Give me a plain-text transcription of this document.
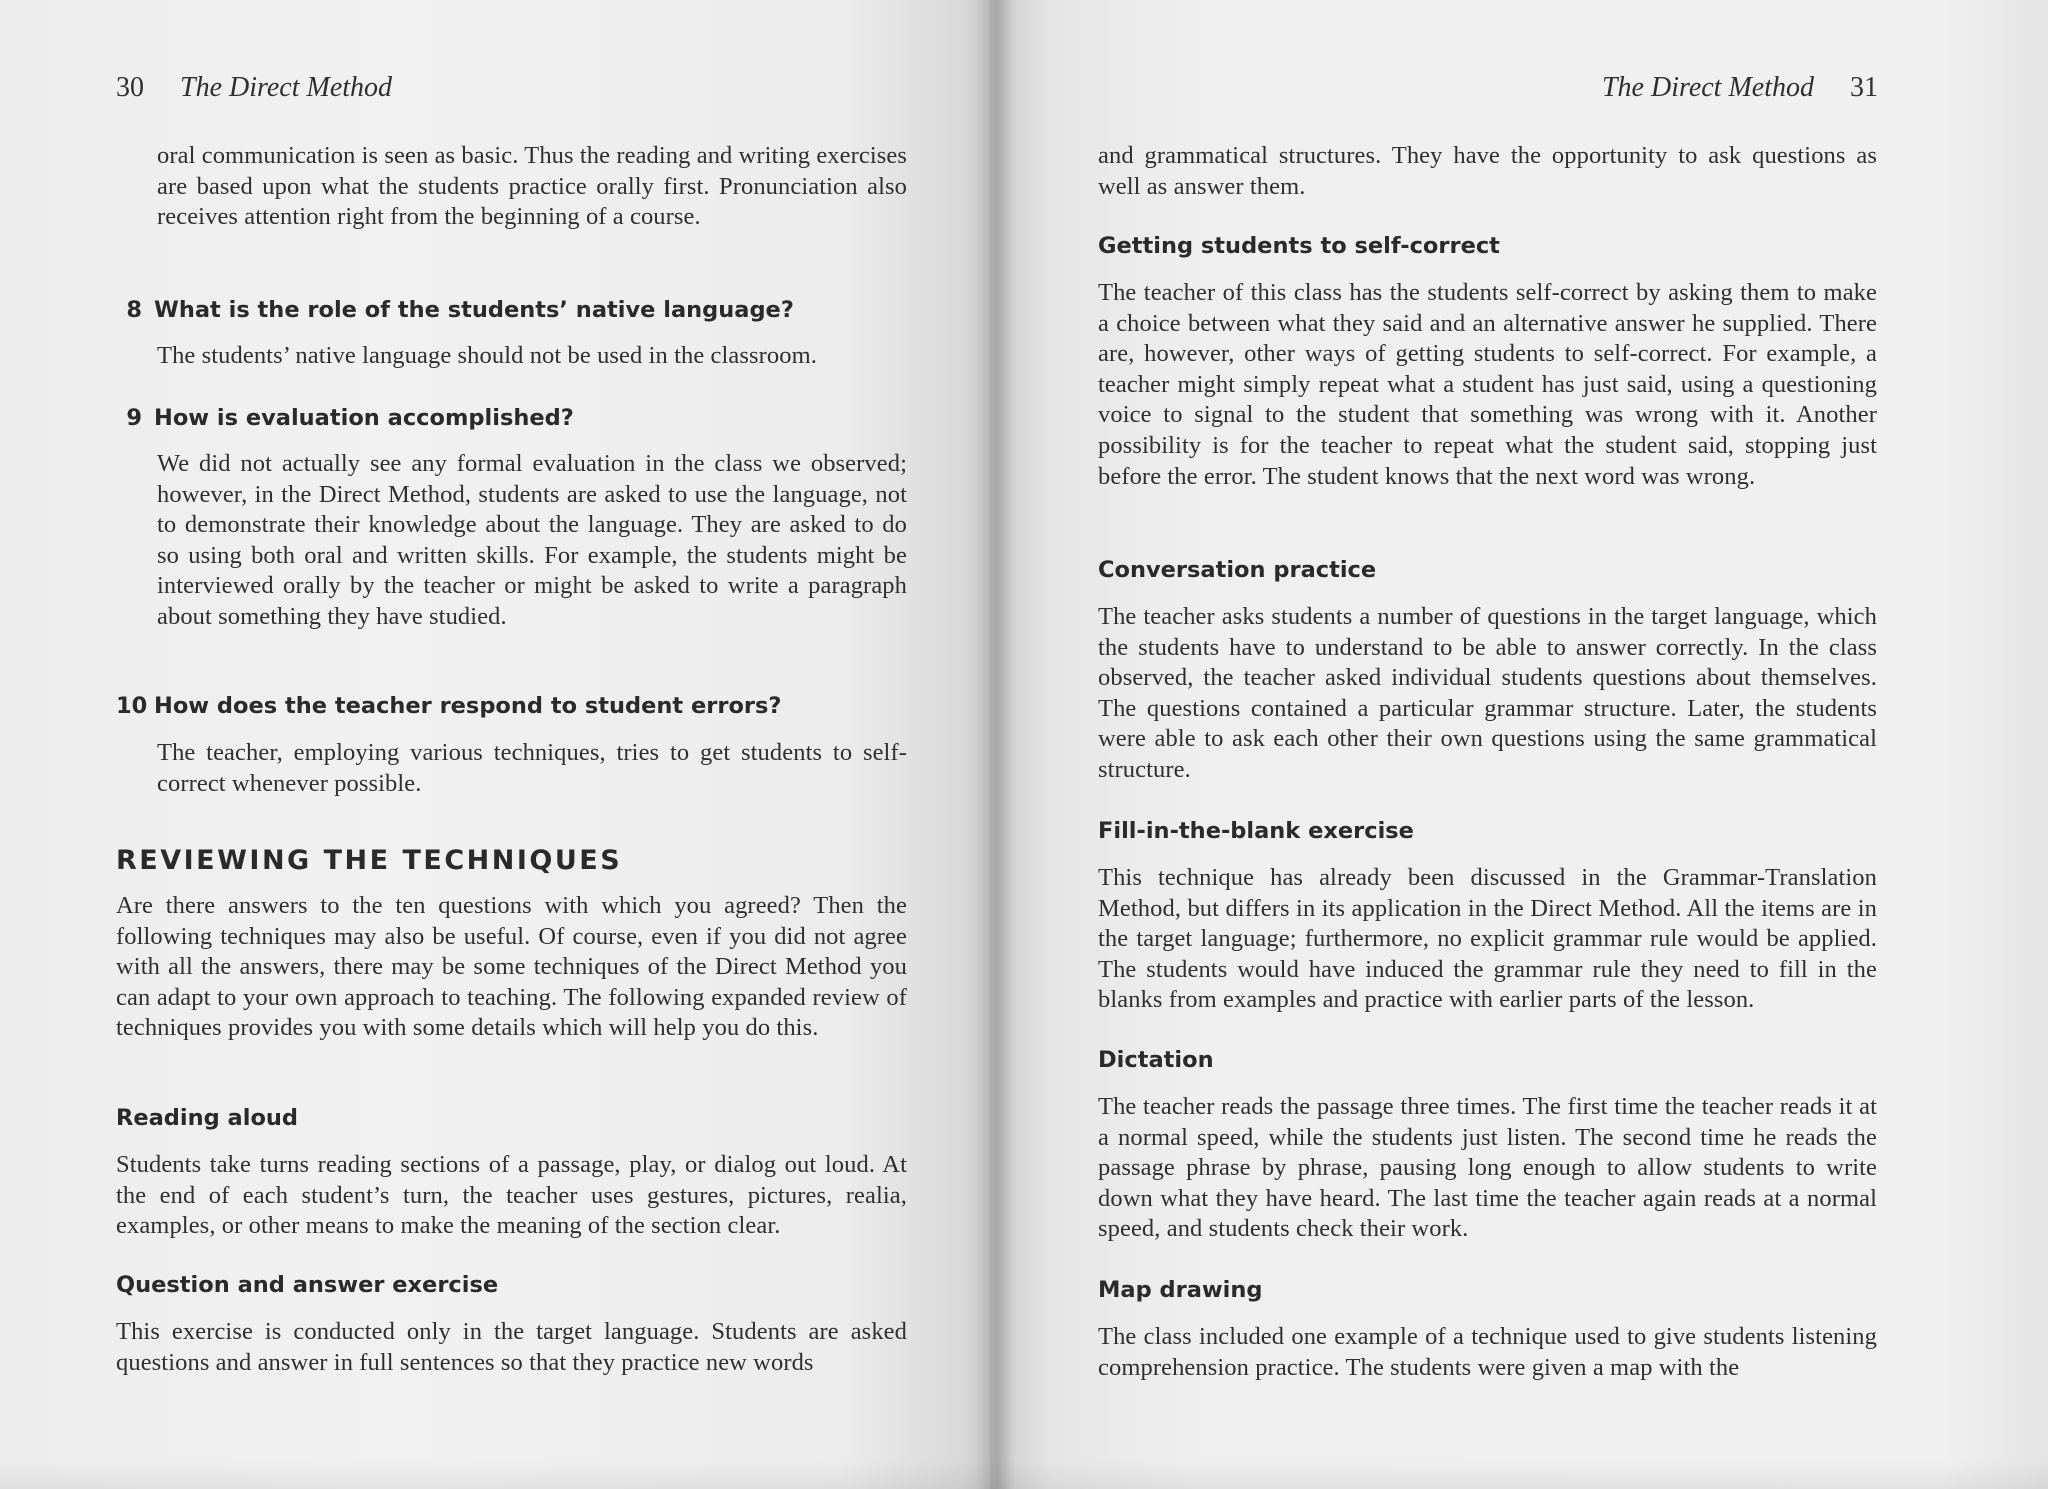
30 The Direct Method

oral communication is seen as basic. Thus the reading and writing exercises are based upon what the students practice orally first. Pronunciation also receives attention right from the beginning of a course.

8 What is the role of the students’ native language?

The students’ native language should not be used in the classroom.

9 How is evaluation accomplished?

We did not actually see any formal evaluation in the class we observed; however, in the Direct Method, students are asked to use the language, not to demonstrate their knowledge about the language. They are asked to do so using both oral and written skills. For example, the students might be interviewed orally by the teacher or might be asked to write a paragraph about something they have studied.

10 How does the teacher respond to student errors?

The teacher, employing various techniques, tries to get students to self-correct whenever possible.

REVIEWING THE TECHNIQUES

Are there answers to the ten questions with which you agreed? Then the following techniques may also be useful. Of course, even if you did not agree with all the answers, there may be some techniques of the Direct Method you can adapt to your own approach to teaching. The following expanded review of techniques provides you with some details which will help you do this.

Reading aloud

Students take turns reading sections of a passage, play, or dialog out loud. At the end of each student’s turn, the teacher uses gestures, pictures, realia, examples, or other means to make the meaning of the section clear.

Question and answer exercise

This exercise is conducted only in the target language. Students are asked questions and answer in full sentences so that they practice new words

The Direct Method 31

and grammatical structures. They have the opportunity to ask questions as well as answer them.

Getting students to self-correct

The teacher of this class has the students self-correct by asking them to make a choice between what they said and an alternative answer he supplied. There are, however, other ways of getting students to self-correct. For example, a teacher might simply repeat what a student has just said, using a questioning voice to signal to the student that something was wrong with it. Another possibility is for the teacher to repeat what the student said, stopping just before the error. The student knows that the next word was wrong.

Conversation practice

The teacher asks students a number of questions in the target language, which the students have to understand to be able to answer correctly. In the class observed, the teacher asked individual students questions about themselves. The questions contained a particular grammar structure. Later, the students were able to ask each other their own questions using the same grammatical structure.

Fill-in-the-blank exercise

This technique has already been discussed in the Grammar-Translation Method, but differs in its application in the Direct Method. All the items are in the target language; furthermore, no explicit grammar rule would be applied. The students would have induced the grammar rule they need to fill in the blanks from examples and practice with earlier parts of the lesson.

Dictation

The teacher reads the passage three times. The first time the teacher reads it at a normal speed, while the students just listen. The second time he reads the passage phrase by phrase, pausing long enough to allow students to write down what they have heard. The last time the teacher again reads at a normal speed, and students check their work.

Map drawing

The class included one example of a technique used to give students listening comprehension practice. The students were given a map with the
